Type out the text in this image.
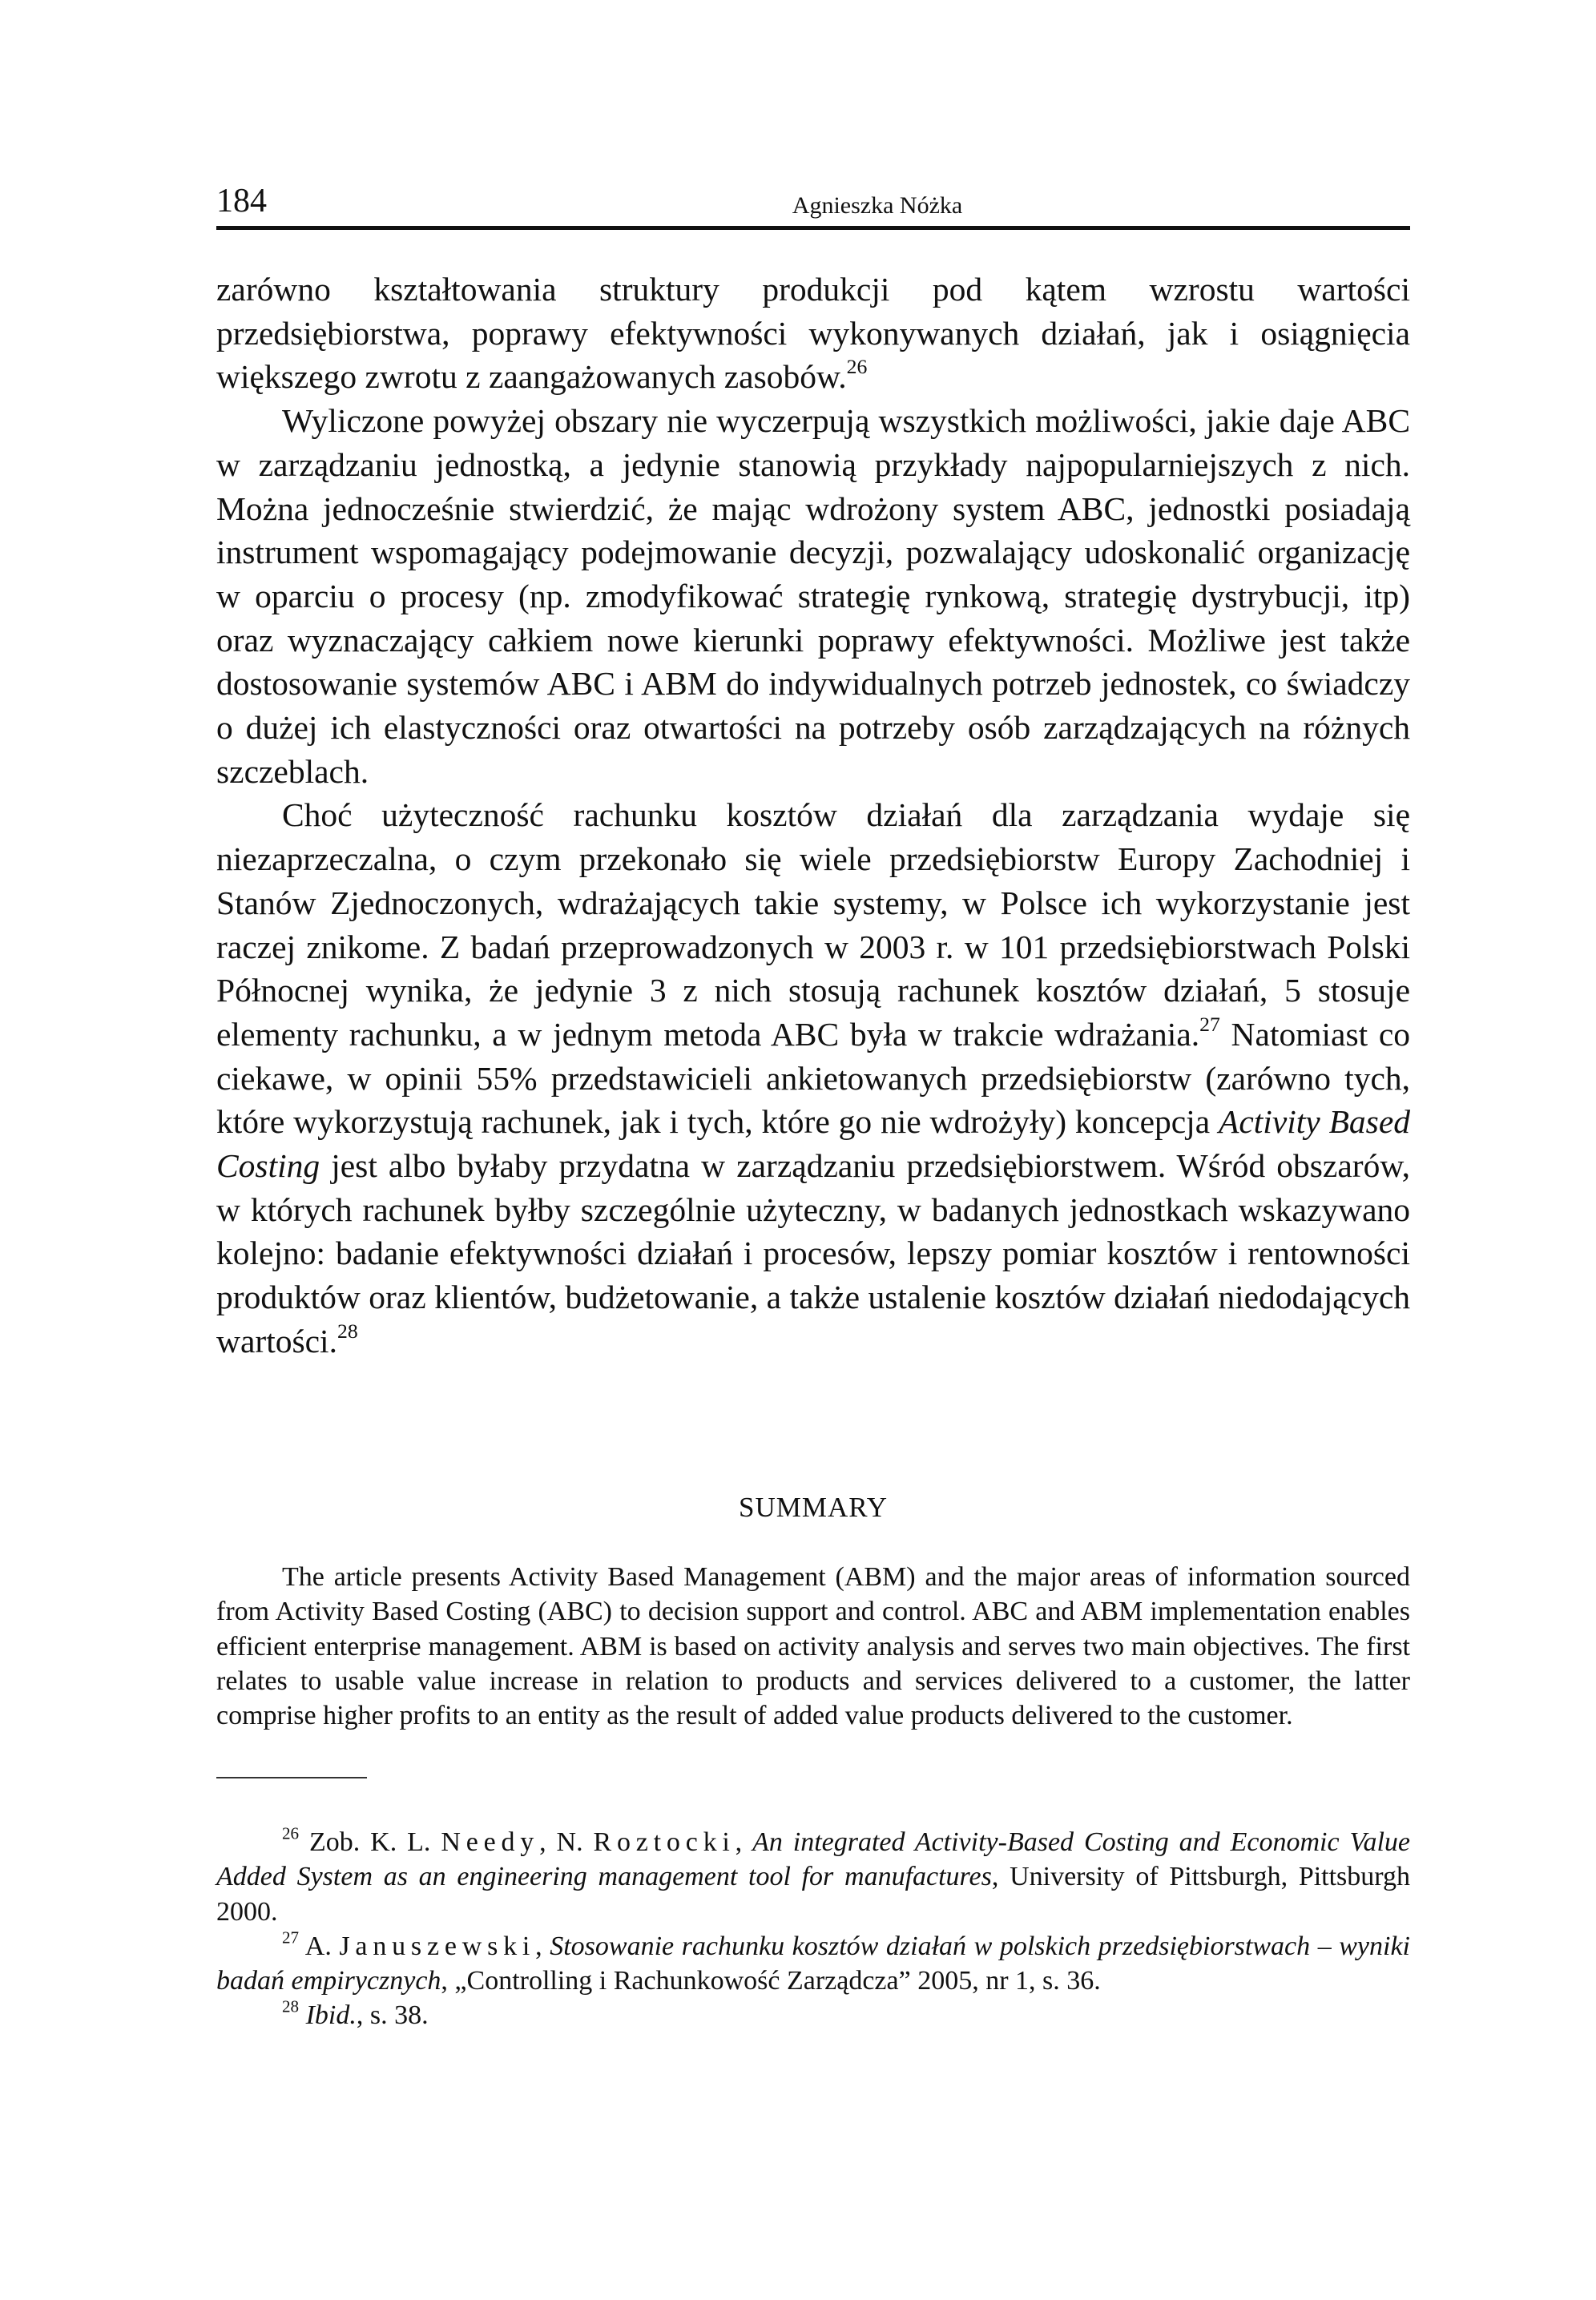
184	Agnieszka Nóżka

zarówno kształtowania struktury produkcji pod kątem wzrostu wartości przedsiębiorstwa, poprawy efektywności wykonywanych działań, jak i osiągnięcia większego zwrotu z zaangażowanych zasobów.$^{26}$

Wyliczone powyżej obszary nie wyczerpują wszystkich możliwości, jakie daje ABC w zarządzaniu jednostką, a jedynie stanowią przykłady najpopularniejszych z nich. Można jednocześnie stwierdzić, że mając wdrożony system ABC, jednostki posiadają instrument wspomagający podejmowanie decyzji, pozwalający udoskonalić organizację w oparciu o procesy (np. zmodyfikować strategię rynkową, strategię dystrybucji, itp) oraz wyznaczający całkiem nowe kierunki poprawy efektywności. Możliwe jest także dostosowanie systemów ABC i ABM do indywidualnych potrzeb jednostek, co świadczy o dużej ich elastyczności oraz otwartości na potrzeby osób zarządzających na różnych szczeblach.

Choć użyteczność rachunku kosztów działań dla zarządzania wydaje się niezaprzeczalna, o czym przekonało się wiele przedsiębiorstw Europy Zachodniej i Stanów Zjednoczonych, wdrażających takie systemy, w Polsce ich wykorzystanie jest raczej znikome. Z badań przeprowadzonych w 2003 r. w 101 przedsiębiorstwach Polski Północnej wynika, że jedynie 3 z nich stosują rachunek kosztów działań, 5 stosuje elementy rachunku, a w jednym metoda ABC była w trakcie wdrażania.$^{27}$ Natomiast co ciekawe, w opinii 55% przedstawicieli ankietowanych przedsiębiorstw (zarówno tych, które wykorzystują rachunek, jak i tych, które go nie wdrożyły) koncepcja Activity Based Costing jest albo byłaby przydatna w zarządzaniu przedsiębiorstwem. Wśród obszarów, w których rachunek byłby szczególnie użyteczny, w badanych jednostkach wskazywano kolejno: badanie efektywności działań i procesów, lepszy pomiar kosztów i rentowności produktów oraz klientów, budżetowanie, a także ustalenie kosztów działań niedodających wartości.$^{28}$

SUMMARY

The article presents Activity Based Management (ABM) and the major areas of information sourced from Activity Based Costing (ABC) to decision support and control. ABC and ABM implementation enables efficient enterprise management. ABM is based on activity analysis and serves two main objectives. The first relates to usable value increase in relation to products and services delivered to a customer, the latter comprise higher profits to an entity as the result of added value products delivered to the customer.

$^{26}$ Zob. K. L. Needy, N. Roztocki, An integrated Activity-Based Costing and Economic Value Added System as an engineering management tool for manufactures, University of Pittsburgh, Pittsburgh 2000.

$^{27}$ A. Januszewski, Stosowanie rachunku kosztów działań w polskich przedsiębiorstwach – wyniki badań empirycznych, „Controlling i Rachunkowość Zarządcza” 2005, nr 1, s. 36.

$^{28}$ Ibid., s. 38.
